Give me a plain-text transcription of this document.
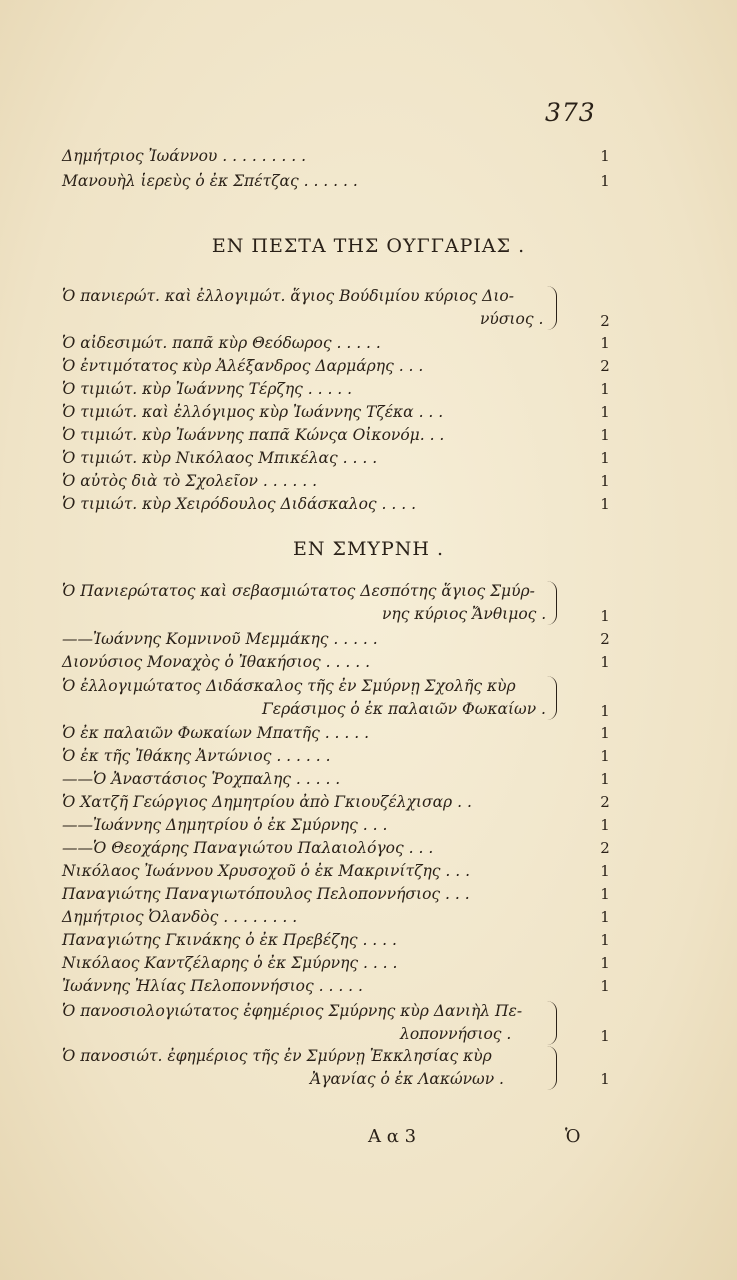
373
Δημήτριος Ἰωάννου . . . . . . . . .	1
Μανουὴλ ἱερεὺς ὁ ἐκ Σπέτζας . . . . . .	1
ΕΝ ΠΕΣΤΑ ΤΗΣ ΟΥΓΓΑΡΙΑΣ .
Ὁ πανιερώτ. καὶ ἐλλογιμώτ. ἅγιος Βούδιμίου κύριος Διο-
νύσιος .	2
Ὁ αἰδεσιμώτ. παπᾶ κὺρ Θεόδωρος . . . . .	1
Ὁ ἐντιμότατος κὺρ Ἀλέξανδρος Δαρμάρης . . .	2
Ὁ τιμιώτ. κὺρ Ἰωάννης Τέρζης . . . . .	1
Ὁ τιμιώτ. καὶ ἐλλόγιμος κὺρ Ἰωάννης Τζέκα . . .	1
Ὁ τιμιώτ. κὺρ Ἰωάννης παπᾶ Κώνςα Οἰκονόμ. . .	1
Ὁ τιμιώτ. κὺρ Νικόλαος Μπικέλας . . . .	1
Ὁ αὐτὸς διὰ τὸ Σχολεῖον . . . . . .	1
Ὁ τιμιώτ. κὺρ Χειρόδουλος Διδάσκαλος . . . .	1
ΕΝ ΣΜΥΡΝΗ .
Ὁ Πανιερώτατος καὶ σεβασμιώτατος Δεσπότης ἅγιος Σμύρ-
νης κύριος Ἄνθιμος .	1
——Ἰωάννης Κομνινοῦ Μεμμάκης . . . . .	2
Διονύσιος Μοναχὸς ὁ Ἰθακήσιος . . . . .	1
Ὁ ἐλλογιμώτατος Διδάσκαλος τῆς ἐν Σμύρνῃ Σχολῆς κὺρ
Γεράσιμος ὁ ἐκ παλαιῶν Φωκαίων .	1
Ὁ ἐκ παλαιῶν Φωκαίων Μπατῆς . . . . .	1
Ὁ ἐκ τῆς Ἰθάκης Ἀντώνιος . . . . . .	1
——Ὁ Ἀναστάσιος Ῥοχπαλης . . . . .	1
Ὁ Χατζῆ Γεώργιος Δημητρίου ἀπὸ Γκιουζέλχισαρ . .	2
——Ἰωάννης Δημητρίου ὁ ἐκ Σμύρνης . . .	1
——Ὁ Θεοχάρης Παναγιώτου Παλαιολόγος . . .	2
Νικόλαος Ἰωάννου Χρυσοχοῦ ὁ ἐκ Μακρινίτζης . . .	1
Παναγιώτης Παναγιωτόπουλος Πελοποννήσιος . . .	1
Δημήτριος Ὀλανδὸς . . . . . . . .	1
Παναγιώτης Γκινάκης ὁ ἐκ Πρεβέζης . . . .	1
Νικόλαος Καντζέλαρης ὁ ἐκ Σμύρνης . . . .	1
Ἰωάννης Ἠλίας Πελοποννήσιος . . . . .	1
Ὁ πανοσιολογιώτατος ἐφημέριος Σμύρνης κὺρ Δανιὴλ Πε-
λοποννήσιος .	1
Ὁ πανοσιώτ. ἐφημέριος τῆς ἐν Σμύρνῃ Ἐκκλησίας κὺρ
Ἀγανίας ὁ ἐκ Λακώνων .	1
Α α 3	Ὁ
